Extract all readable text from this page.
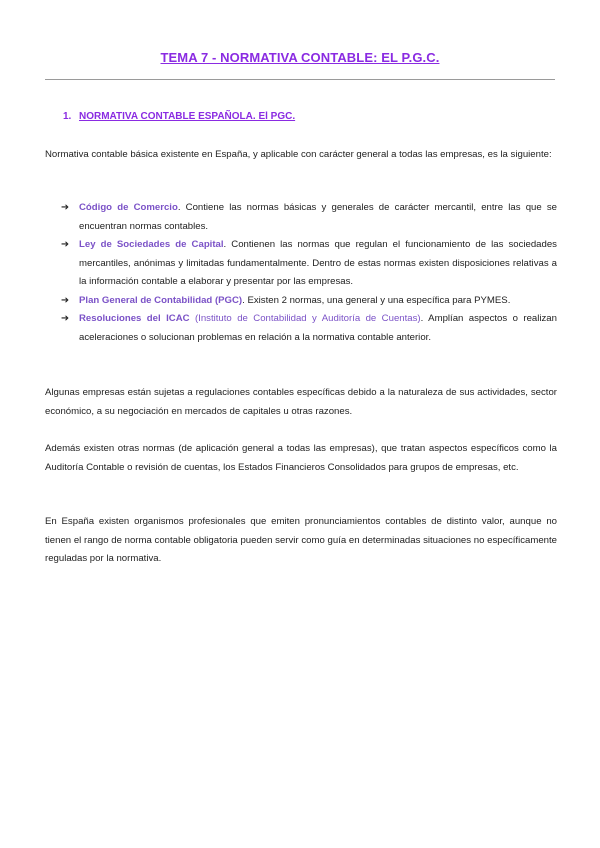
TEMA 7 - NORMATIVA CONTABLE: EL P.G.C.
1. NORMATIVA CONTABLE ESPAÑOLA. El PGC.
Normativa contable básica existente en España, y aplicable con carácter general a todas las empresas, es la siguiente:
➔ Código de Comercio. Contiene las normas básicas y generales de carácter mercantil, entre las que se encuentran normas contables.
➔ Ley de Sociedades de Capital. Contienen las normas que regulan el funcionamiento de las sociedades mercantiles, anónimas y limitadas fundamentalmente. Dentro de estas normas existen disposiciones relativas a la información contable a elaborar y presentar por las empresas.
➔ Plan General de Contabilidad (PGC). Existen 2 normas, una general y una específica para PYMES.
➔ Resoluciones del ICAC (Instituto de Contabilidad y Auditoría de Cuentas). Amplían aspectos o realizan aceleraciones o solucionan problemas en relación a la normativa contable anterior.
Algunas empresas están sujetas a regulaciones contables específicas debido a la naturaleza de sus actividades, sector económico, a su negociación en mercados de capitales u otras razones.
Además existen otras normas (de aplicación general a todas las empresas), que tratan aspectos específicos como la Auditoría Contable o revisión de cuentas, los Estados Financieros Consolidados para grupos de empresas, etc.
En España existen organismos profesionales que emiten pronunciamientos contables de distinto valor, aunque no tienen el rango de norma contable obligatoria pueden servir como guía en determinadas situaciones no específicamente reguladas por la normativa.
